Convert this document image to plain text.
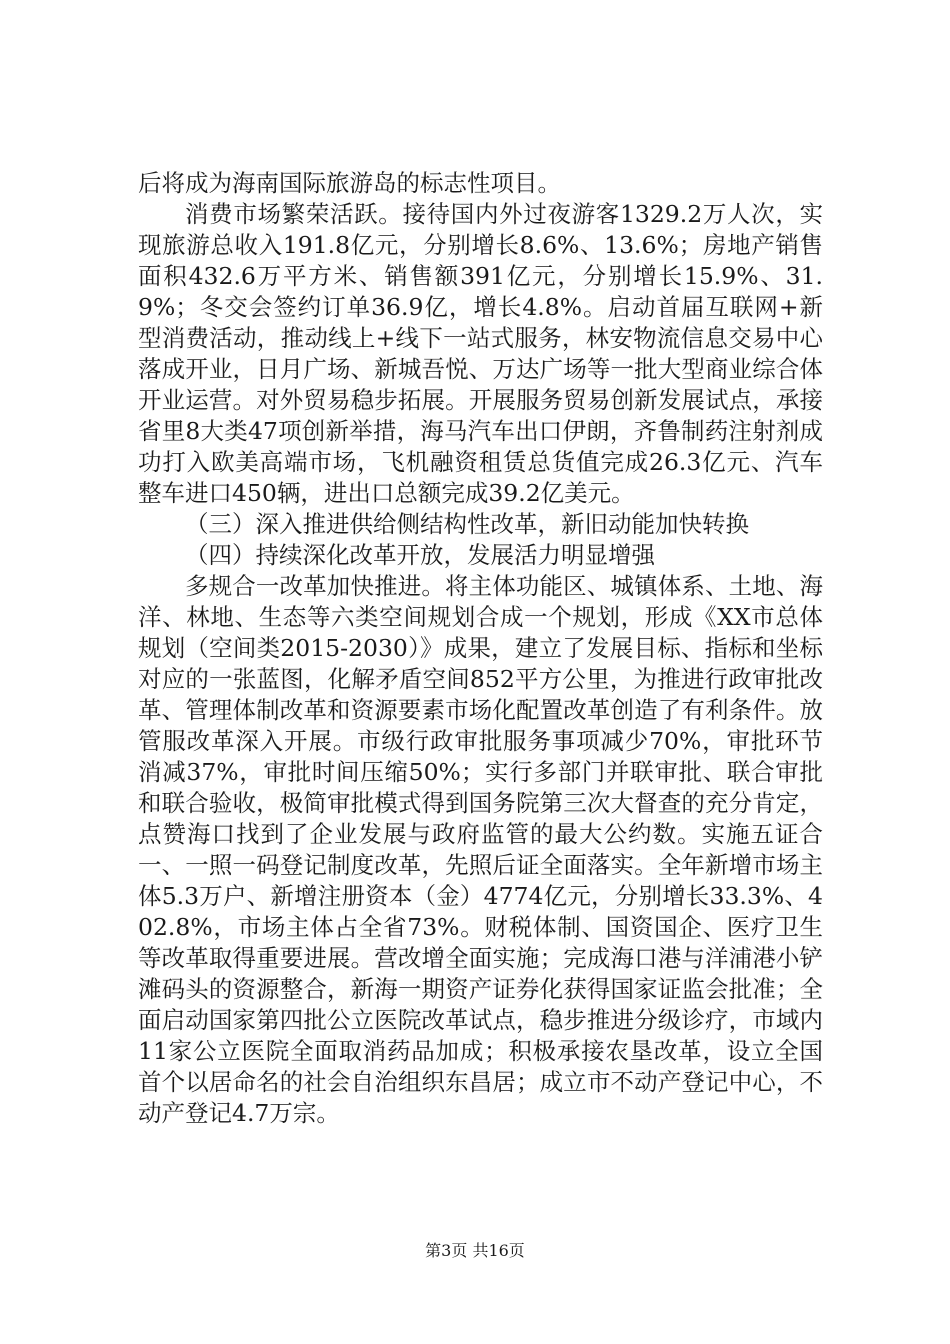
后将成为海南国际旅游岛的标志性项目。

消费市场繁荣活跃。接待国内外过夜游客1329.2万人次，实现旅游总收入191.8亿元，分别增长8.6%、13.6%；房地产销售面积432.6万平方米、销售额391亿元，分别增长15.9%、31.9%；冬交会签约订单36.9亿，增长4.8%。启动首届互联网+新型消费活动，推动线上+线下一站式服务，林安物流信息交易中心落成开业，日月广场、新城吾悦、万达广场等一批大型商业综合体开业运营。对外贸易稳步拓展。开展服务贸易创新发展试点，承接省里8大类47项创新举措，海马汽车出口伊朗，齐鲁制药注射剂成功打入欧美高端市场，飞机融资租赁总货值完成26.3亿元、汽车整车进口450辆，进出口总额完成39.2亿美元。

（三）深入推进供给侧结构性改革，新旧动能加快转换

（四）持续深化改革开放，发展活力明显增强

多规合一改革加快推进。将主体功能区、城镇体系、土地、海洋、林地、生态等六类空间规划合成一个规划，形成《XX市总体规划（空间类2015-2030）》成果，建立了发展目标、指标和坐标对应的一张蓝图，化解矛盾空间852平方公里，为推进行政审批改革、管理体制改革和资源要素市场化配置改革创造了有利条件。放管服改革深入开展。市级行政审批服务事项减少70%，审批环节消减37%，审批时间压缩50%；实行多部门并联审批、联合审批和联合验收，极简审批模式得到国务院第三次大督查的充分肯定，点赞海口找到了企业发展与政府监管的最大公约数。实施五证合一、一照一码登记制度改革，先照后证全面落实。全年新增市场主体5.3万户、新增注册资本（金）4774亿元，分别增长33.3%、402.8%，市场主体占全省73%。财税体制、国资国企、医疗卫生等改革取得重要进展。营改增全面实施；完成海口港与洋浦港小铲滩码头的资源整合，新海一期资产证券化获得国家证监会批准；全面启动国家第四批公立医院改革试点，稳步推进分级诊疗，市域内11家公立医院全面取消药品加成；积极承接农垦改革，设立全国首个以居命名的社会自治组织东昌居；成立市不动产登记中心，不动产登记4.7万宗。

第3页 共16页
